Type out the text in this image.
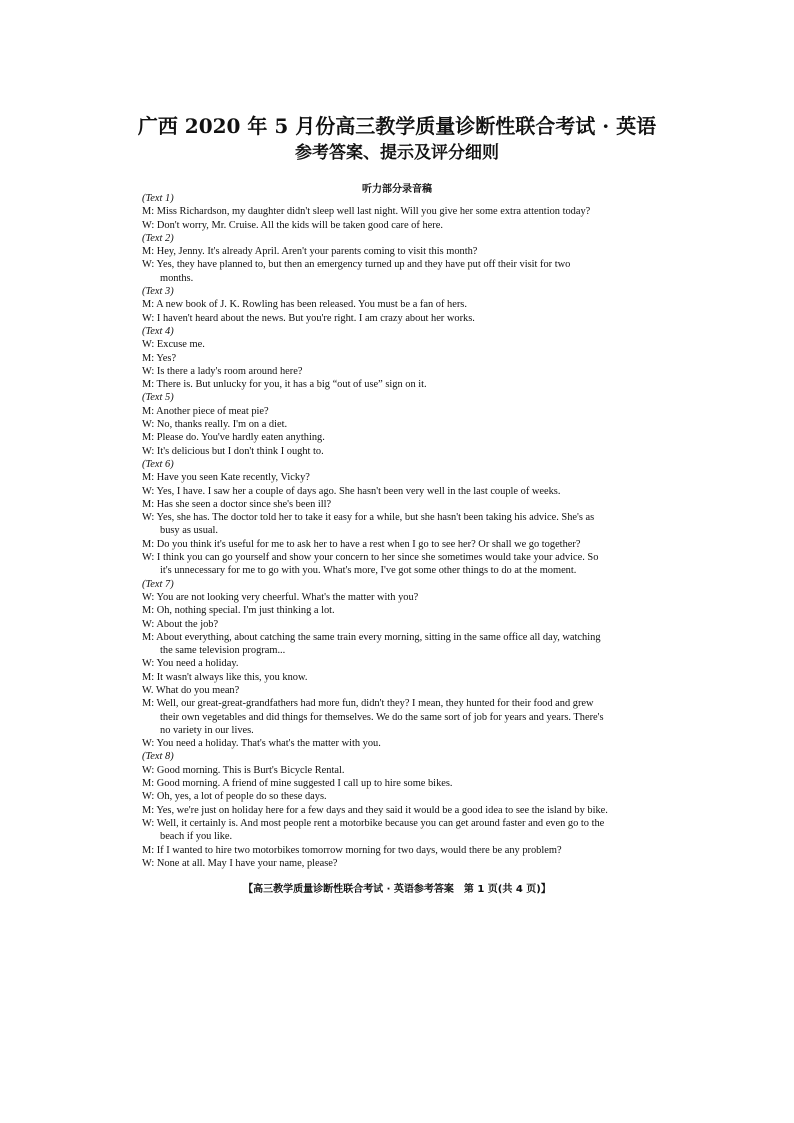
广西 2020 年 5 月份高三教学质量诊断性联合考试 · 英语
参考答案、提示及评分细则
听力部分录音稿
(Text 1)
M: Miss Richardson, my daughter didn't sleep well last night. Will you give her some extra attention today?
W: Don't worry, Mr. Cruise. All the kids will be taken good care of here.
(Text 2)
M: Hey, Jenny. It's already April. Aren't your parents coming to visit this month?
W: Yes, they have planned to, but then an emergency turned up and they have put off their visit for two
months.
(Text 3)
M: A new book of J. K. Rowling has been released. You must be a fan of hers.
W: I haven't heard about the news. But you're right. I am crazy about her works.
(Text 4)
W: Excuse me.
M: Yes?
W: Is there a lady's room around here?
M: There is. But unlucky for you, it has a big “out of use” sign on it.
(Text 5)
M: Another piece of meat pie?
W: No, thanks really. I'm on a diet.
M: Please do. You've hardly eaten anything.
W: It's delicious but I don't think I ought to.
(Text 6)
M: Have you seen Kate recently, Vicky?
W: Yes, I have. I saw her a couple of days ago. She hasn't been very well in the last couple of weeks.
M: Has she seen a doctor since she's been ill?
W: Yes, she has. The doctor told her to take it easy for a while, but she hasn't been taking his advice. She's as
busy as usual.
M: Do you think it's useful for me to ask her to have a rest when I go to see her? Or shall we go together?
W: I think you can go yourself and show your concern to her since she sometimes would take your advice. So
it's unnecessary for me to go with you. What's more, I've got some other things to do at the moment.
(Text 7)
W: You are not looking very cheerful. What's the matter with you?
M: Oh, nothing special. I'm just thinking a lot.
W: About the job?
M: About everything, about catching the same train every morning, sitting in the same office all day, watching
the same television program...
W: You need a holiday.
M: It wasn't always like this, you know.
W. What do you mean?
M: Well, our great-great-grandfathers had more fun, didn't they? I mean, they hunted for their food and grew
their own vegetables and did things for themselves. We do the same sort of job for years and years. There's
no variety in our lives.
W: You need a holiday. That's what's the matter with you.
(Text 8)
W: Good morning. This is Burt's Bicycle Rental.
M: Good morning. A friend of mine suggested I call up to hire some bikes.
W: Oh, yes, a lot of people do so these days.
M: Yes, we're just on holiday here for a few days and they said it would be a good idea to see the island by bike.
W: Well, it certainly is. And most people rent a motorbike because you can get around faster and even go to the
beach if you like.
M: If I wanted to hire two motorbikes tomorrow morning for two days, would there be any problem?
W: None at all. May I have your name, please?
【高三教学质量诊断性联合考试 · 英语参考答案　第 1 页(共 4 页)】
